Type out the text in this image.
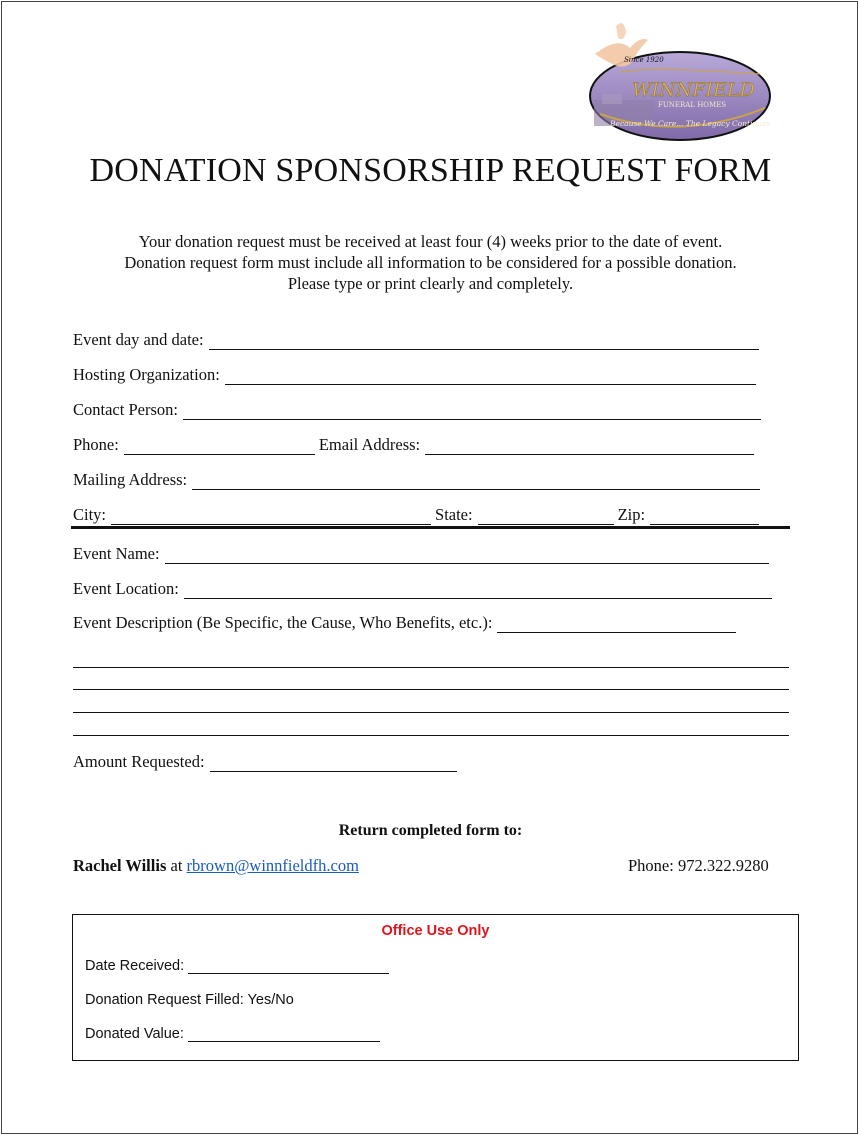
Since 1920
WINNFIELD
FUNERAL HOMES
Because We Care... The Legacy Continues
DONATION SPONSORSHIP REQUEST FORM
Your donation request must be received at least four (4) weeks prior to the date of event.
Donation request form must include all information to be considered for a possible donation.
Please type or print clearly and completely.
Event day and date:
Hosting Organization:
Contact Person:
Phone:	Email Address:
Mailing Address:
City:	State:	Zip:
Event Name:
Event Location:
Event Description (Be Specific, the Cause, Who Benefits, etc.):
Amount Requested:
Return completed form to:
Rachel Willis at rbrown@winnfieldfh.com	Phone: 972.322.9280
Office Use Only
Date Received:
Donation Request Filled: Yes/No
Donated Value:
